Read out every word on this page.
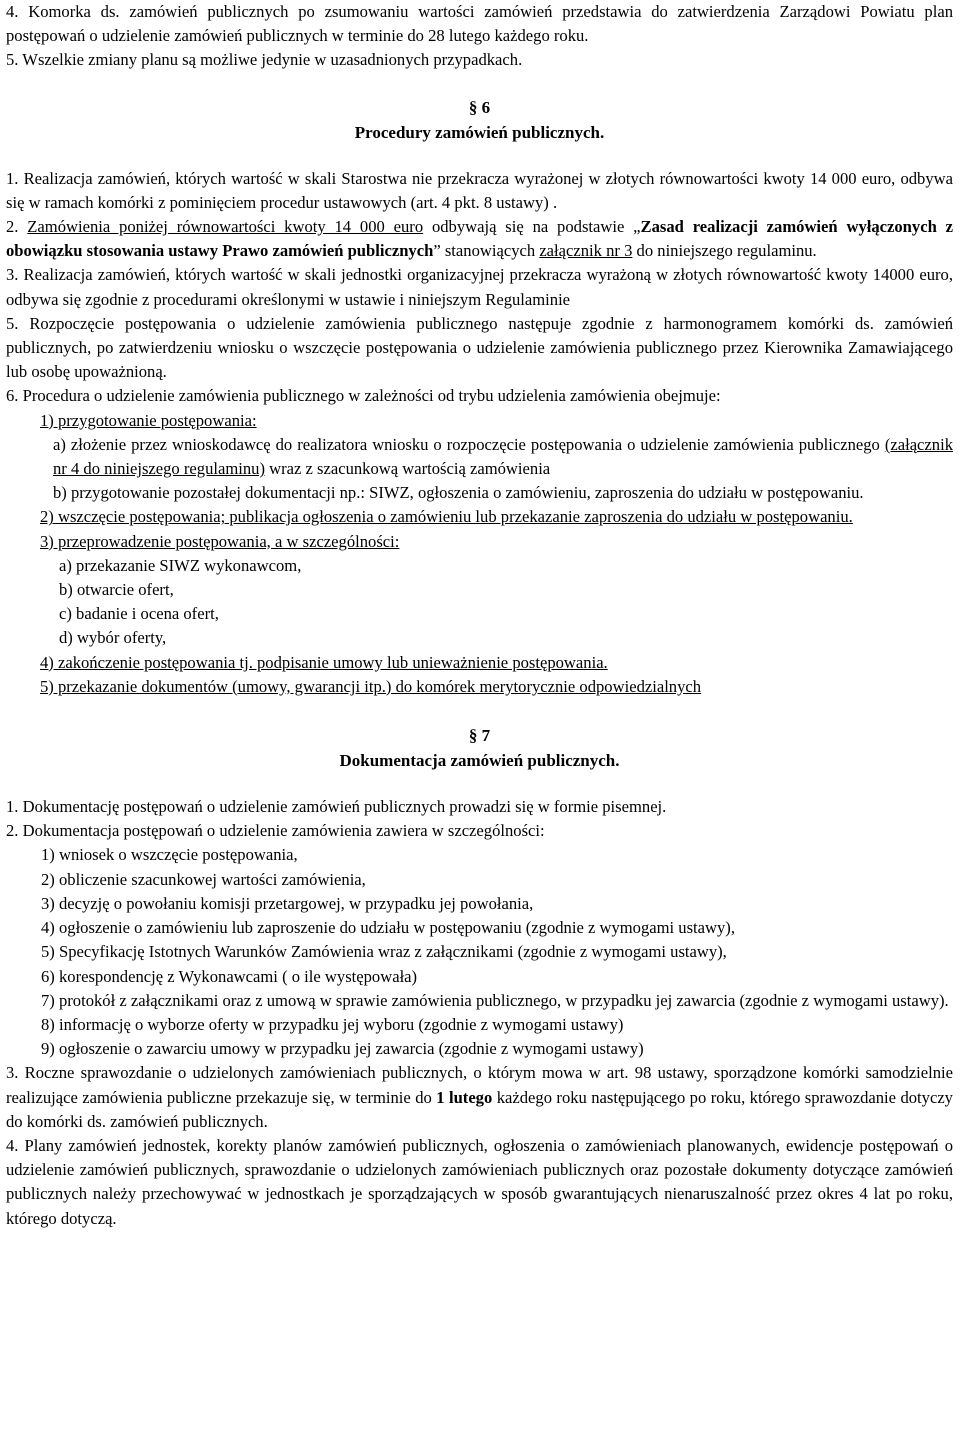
4. Komorka ds. zamówień publicznych po zsumowaniu wartości zamówień przedstawia do zatwierdzenia Zarządowi Powiatu plan postępowań o udzielenie zamówień publicznych w terminie do 28 lutego każdego roku.

5. Wszelkie zmiany planu są możliwe jedynie w uzasadnionych przypadkach.

§ 6
Procedury zamówień publicznych.

1. Realizacja zamówień, których wartość w skali Starostwa nie przekracza wyrażonej w złotych równowartości kwoty 14 000 euro, odbywa się w ramach komórki z pominięciem procedur ustawowych (art. 4 pkt. 8 ustawy) .

2. Zamówienia poniżej równowartości kwoty 14 000 euro odbywają się na podstawie „Zasad realizacji zamówień wyłączonych z obowiązku stosowania ustawy Prawo zamówień publicznych” stanowiących załącznik nr 3 do niniejszego regulaminu.

3. Realizacja zamówień, których wartość w skali jednostki organizacyjnej przekracza wyrażoną w złotych równowartość kwoty 14000 euro, odbywa się zgodnie z procedurami określonymi w ustawie i niniejszym Regulaminie

5. Rozpoczęcie postępowania o udzielenie zamówienia publicznego następuje zgodnie z harmonogramem komórki ds. zamówień publicznych, po zatwierdzeniu wniosku o wszczęcie postępowania o udzielenie zamówienia publicznego przez Kierownika Zamawiającego lub osobę upoważnioną.

6. Procedura o udzielenie zamówienia publicznego w zależności od trybu udzielenia zamówienia obejmuje:

1) przygotowanie postępowania:

a) złożenie przez wnioskodawcę do realizatora wniosku o rozpoczęcie postępowania o udzielenie zamówienia publicznego (załącznik nr 4 do niniejszego regulaminu) wraz z szacunkową wartością zamówienia

b) przygotowanie pozostałej dokumentacji np.: SIWZ, ogłoszenia o zamówieniu, zaproszenia do udziału w postępowaniu.

2) wszczęcie postępowania; publikacja ogłoszenia o zamówieniu lub przekazanie zaproszenia do udziału w postępowaniu.

3) przeprowadzenie postępowania, a w szczególności:
a) przekazanie SIWZ wykonawcom,
b) otwarcie ofert,
c) badanie i ocena ofert,
d) wybór oferty,
4) zakończenie postępowania tj. podpisanie umowy lub unieważnienie postępowania.
5) przekazanie dokumentów (umowy, gwarancji itp.) do komórek merytorycznie odpowiedzialnych
§ 7
Dokumentacja zamówień publicznych.

1. Dokumentację postępowań o udzielenie zamówień publicznych prowadzi się w formie pisemnej.

2. Dokumentacja postępowań o udzielenie zamówienia zawiera w szczególności:

1) wniosek o wszczęcie postępowania,

2) obliczenie szacunkowej wartości zamówienia,

3) decyzję o powołaniu komisji przetargowej, w przypadku jej powołania,

4) ogłoszenie o zamówieniu lub zaproszenie do udziału w postępowaniu (zgodnie z wymogami ustawy),

5) Specyfikację Istotnych Warunków Zamówienia wraz z załącznikami (zgodnie z wymogami ustawy),

6) korespondencję z Wykonawcami ( o ile występowała)

7) protokół z załącznikami oraz z umową w sprawie zamówienia publicznego, w przypadku jej zawarcia (zgodnie z wymogami ustawy).

8) informację o wyborze oferty w przypadku jej wyboru (zgodnie z wymogami ustawy)

9) ogłoszenie o zawarciu umowy w przypadku jej zawarcia (zgodnie z wymogami ustawy)

3. Roczne sprawozdanie o udzielonych zamówieniach publicznych, o którym mowa w art. 98 ustawy, sporządzone komórki samodzielnie realizujące zamówienia publiczne przekazuje się, w terminie do 1 lutego każdego roku następującego po roku, którego sprawozdanie dotyczy do komórki ds. zamówień publicznych.

4. Plany zamówień jednostek, korekty planów zamówień publicznych, ogłoszenia o zamówieniach planowanych, ewidencje postępowań o udzielenie zamówień publicznych, sprawozdanie o udzielonych zamówieniach publicznych oraz pozostałe dokumenty dotyczące zamówień publicznych należy przechowywać w jednostkach je sporządzających w sposób gwarantujących nienaruszalność przez okres 4 lat po roku, którego dotyczą.
